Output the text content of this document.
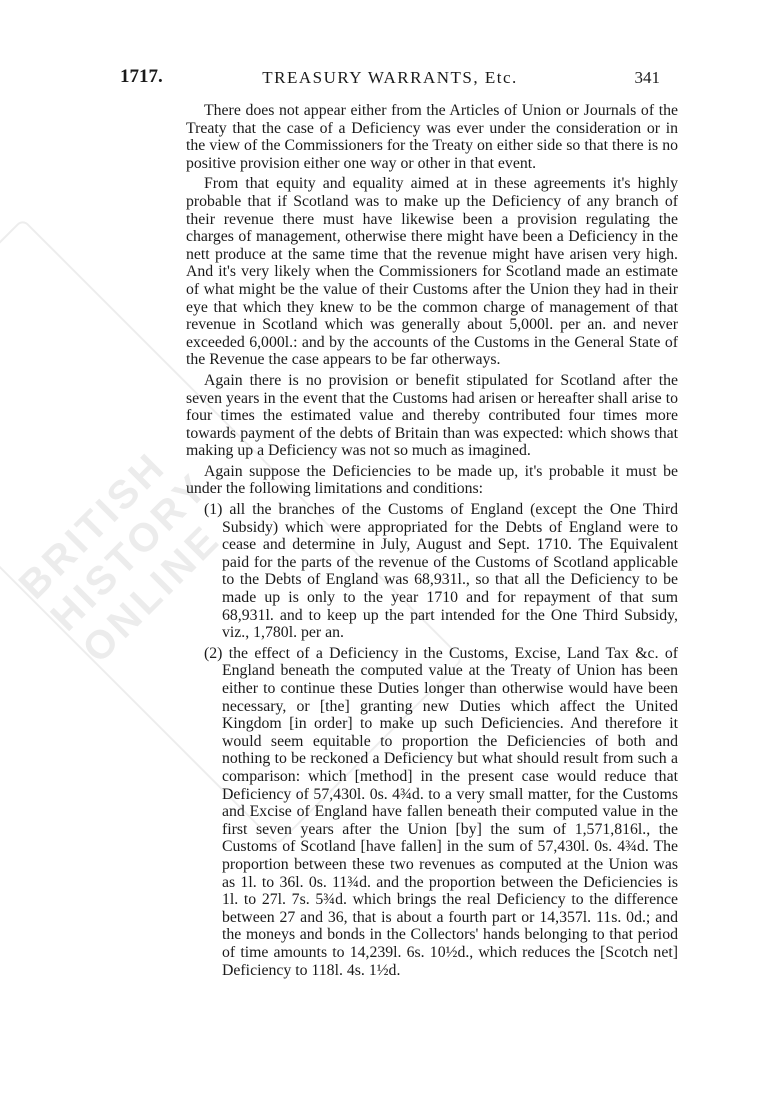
BRITISH HISTORY ONLINE
1717.	TREASURY WARRANTS, Etc.	341

There does not appear either from the Articles of Union or Journals of the Treaty that the case of a Deficiency was ever under the consideration or in the view of the Commissioners for the Treaty on either side so that there is no positive provision either one way or other in that event.

From that equity and equality aimed at in these agreements it's highly probable that if Scotland was to make up the Deficiency of any branch of their revenue there must have likewise been a provision regulating the charges of management, otherwise there might have been a Deficiency in the nett produce at the same time that the revenue might have arisen very high. And it's very likely when the Commissioners for Scotland made an estimate of what might be the value of their Customs after the Union they had in their eye that which they knew to be the common charge of management of that revenue in Scotland which was generally about 5,000l. per an. and never exceeded 6,000l.: and by the accounts of the Customs in the General State of the Revenue the case appears to be far otherways.

Again there is no provision or benefit stipulated for Scotland after the seven years in the event that the Customs had arisen or hereafter shall arise to four times the estimated value and thereby contributed four times more towards payment of the debts of Britain than was expected: which shows that making up a Deficiency was not so much as imagined.

Again suppose the Deficiencies to be made up, it's probable it must be under the following limitations and conditions:

(1) all the branches of the Customs of England (except the One Third Subsidy) which were appropriated for the Debts of England were to cease and determine in July, August and Sept. 1710. The Equivalent paid for the parts of the revenue of the Customs of Scotland applicable to the Debts of England was 68,931l., so that all the Deficiency to be made up is only to the year 1710 and for repayment of that sum 68,931l. and to keep up the part intended for the One Third Subsidy, viz., 1,780l. per an.
(2) the effect of a Deficiency in the Customs, Excise, Land Tax &c. of England beneath the computed value at the Treaty of Union has been either to continue these Duties longer than otherwise would have been necessary, or [the] granting new Duties which affect the United Kingdom [in order] to make up such Deficiencies. And therefore it would seem equitable to proportion the Deficiencies of both and nothing to be reckoned a Deficiency but what should result from such a comparison: which [method] in the present case would reduce that Deficiency of 57,430l. 0s. 4¾d. to a very small matter, for the Customs and Excise of England have fallen beneath their computed value in the first seven years after the Union [by] the sum of 1,571,816l., the Customs of Scotland [have fallen] in the sum of 57,430l. 0s. 4¾d. The proportion between these two revenues as computed at the Union was as 1l. to 36l. 0s. 11¾d. and the proportion between the Deficiencies is 1l. to 27l. 7s. 5¾d. which brings the real Deficiency to the difference between 27 and 36, that is about a fourth part or 14,357l. 11s. 0d.; and the moneys and bonds in the Collectors' hands belonging to that period of time amounts to 14,239l. 6s. 10½d., which reduces the [Scotch net] Deficiency to 118l. 4s. 1½d.
